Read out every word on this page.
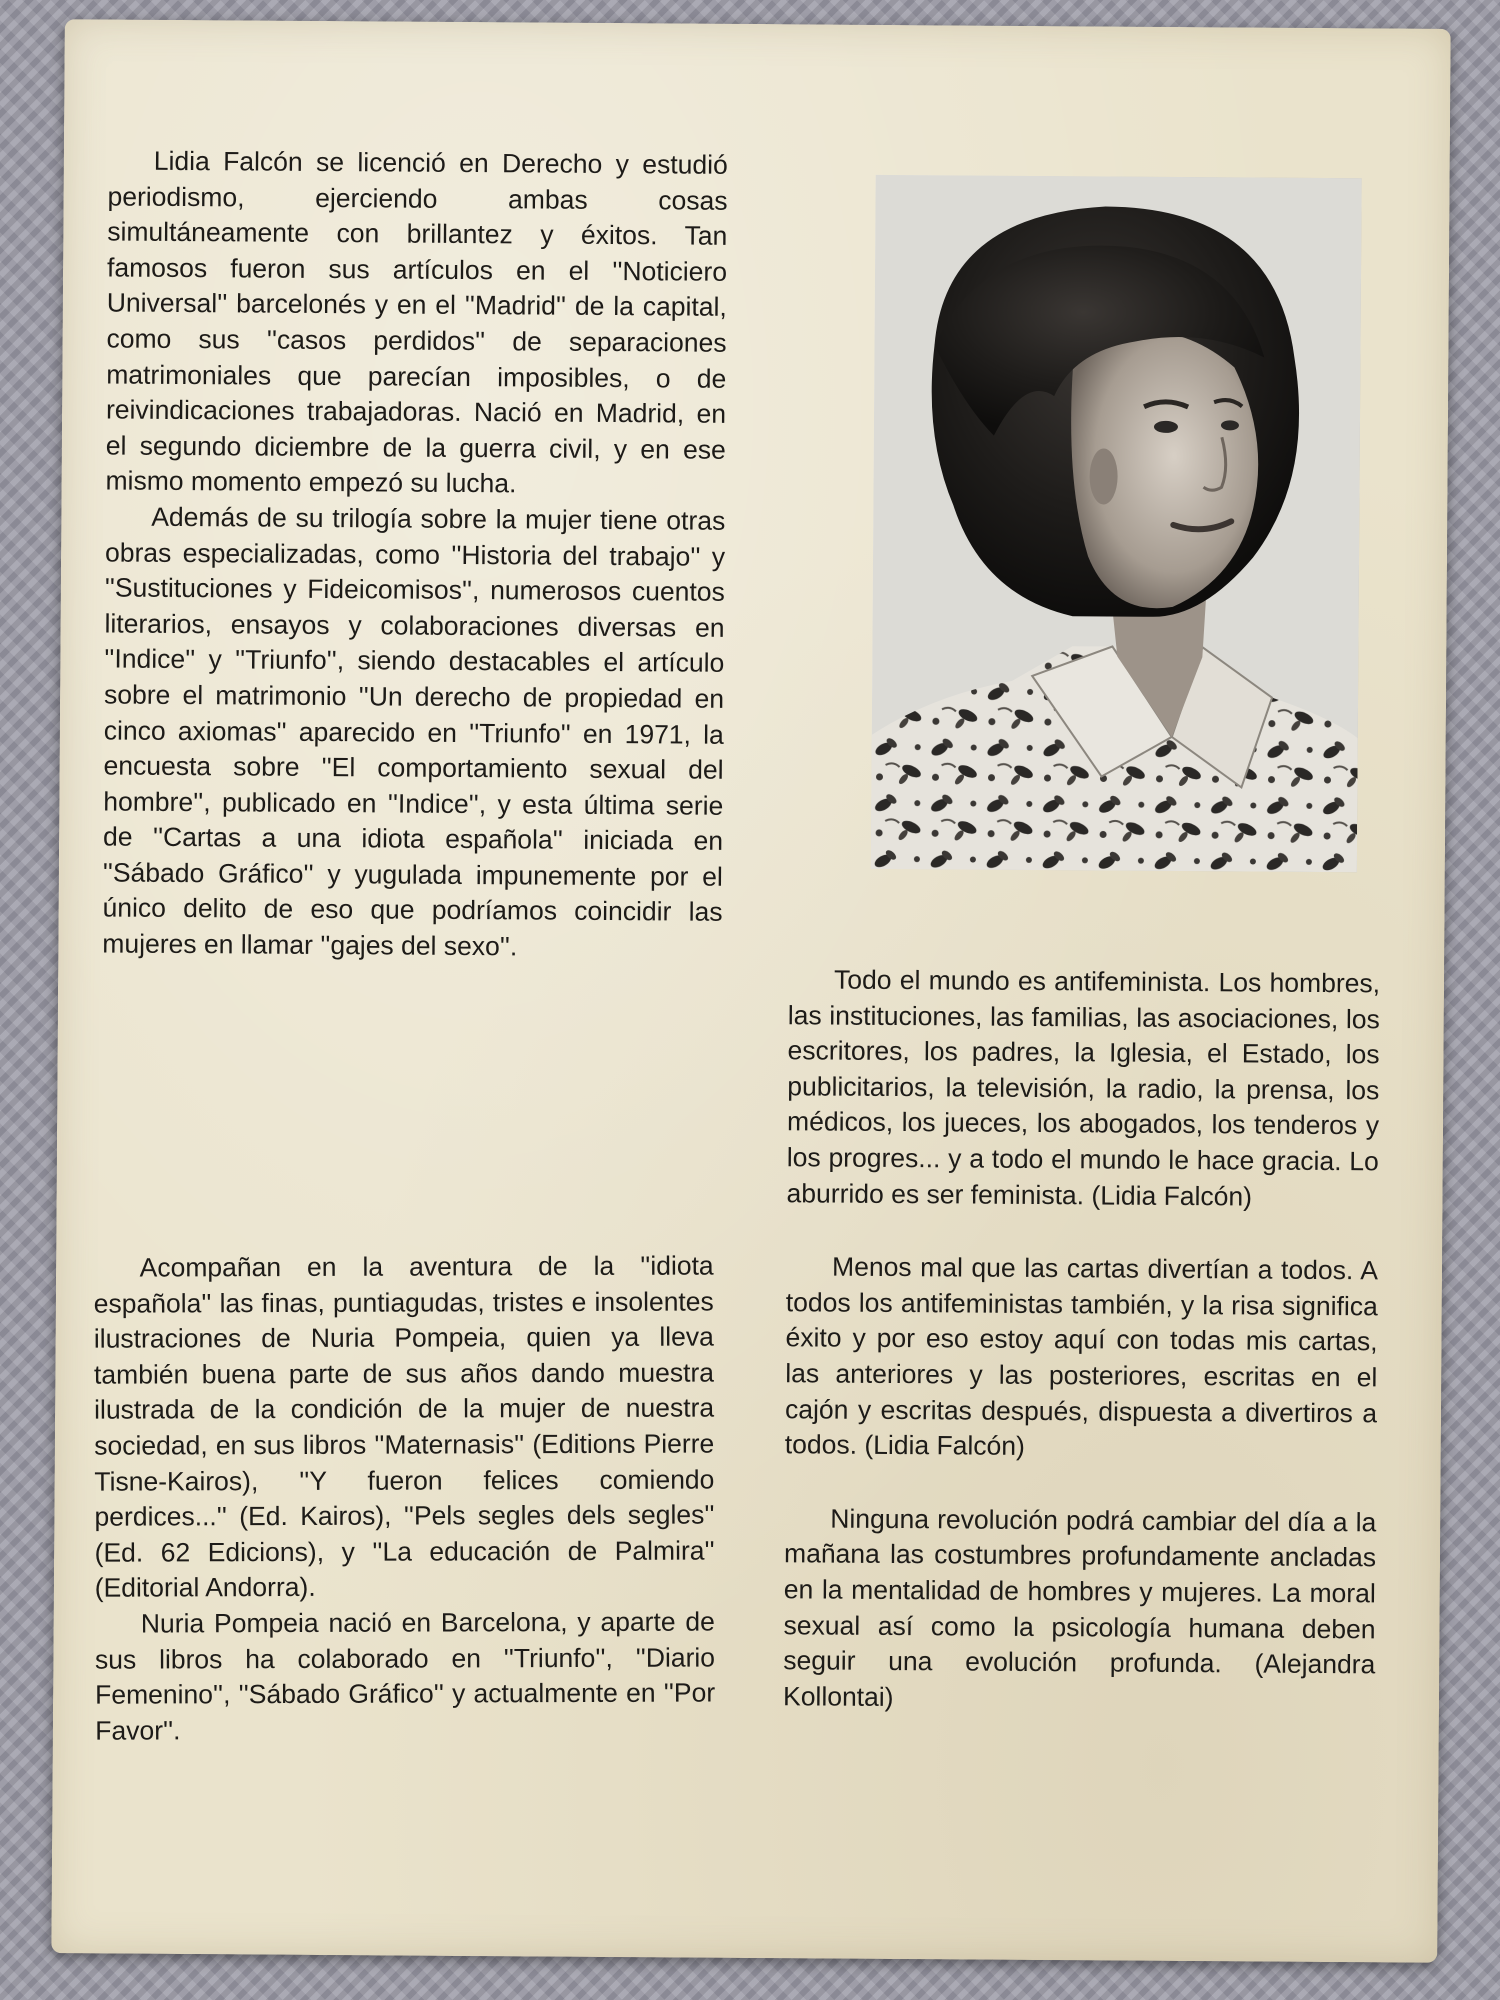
Lidia Falcón se licenció en Derecho y estudió periodismo, ejerciendo ambas cosas simultáneamente con brillantez y éxitos. Tan famosos fueron sus artículos en el ''Noticiero Universal'' barcelonés y en el ''Madrid'' de la capital, como sus ''casos perdidos'' de separaciones matrimoniales que parecían imposibles, o de reivindicaciones trabajadoras. Nació en Madrid, en el segundo diciembre de la guerra civil, y en ese mismo momento empezó su lucha.

Además de su trilogía sobre la mujer tiene otras obras especializadas, como ''Historia del trabajo'' y ''Sustituciones y Fideicomisos'', numerosos cuentos literarios, ensayos y colaboraciones diversas en ''Indice'' y ''Triunfo'', siendo destacables el artículo sobre el matrimonio ''Un derecho de propiedad en cinco axiomas'' aparecido en ''Triunfo'' en 1971, la encuesta sobre ''El comportamiento sexual del hombre'', publicado en ''Indice'', y esta última serie de ''Cartas a una idiota española'' iniciada en ''Sábado Gráfico'' y yugulada impunemente por el único delito de eso que podríamos coincidir las mujeres en llamar ''gajes del sexo''.

Todo el mundo es antifeminista. Los hombres, las instituciones, las familias, las asociaciones, los escritores, los padres, la Iglesia, el Estado, los publicitarios, la televisión, la radio, la prensa, los médicos, los jueces, los abogados, los tenderos y los progres... y a todo el mundo le hace gracia. Lo aburrido es ser feminista. (Lidia Falcón)

Menos mal que las cartas divertían a todos. A todos los antifeministas también, y la risa significa éxito y por eso estoy aquí con todas mis cartas, las anteriores y las posteriores, escritas en el cajón y escritas después, dispuesta a divertiros a todos. (Lidia Falcón)

Ninguna revolución podrá cambiar del día a la mañana las costumbres profundamente ancladas en la mentalidad de hombres y mujeres. La moral sexual así como la psicología humana deben seguir una evolución profunda. (Alejandra Kollontai)

Acompañan en la aventura de la ''idiota española'' las finas, puntiagudas, tristes e insolentes ilustraciones de Nuria Pompeia, quien ya lleva también buena parte de sus años dando muestra ilustrada de la condición de la mujer de nuestra sociedad, en sus libros ''Maternasis'' (Editions Pierre Tisne-Kairos), ''Y fueron felices comiendo perdices...'' (Ed. Kairos), ''Pels segles dels segles'' (Ed. 62 Edicions), y ''La educación de Palmira'' (Editorial Andorra).

Nuria Pompeia nació en Barcelona, y aparte de sus libros ha colaborado en ''Triunfo'', ''Diario Femenino'', ''Sábado Gráfico'' y actualmente en ''Por Favor''.
